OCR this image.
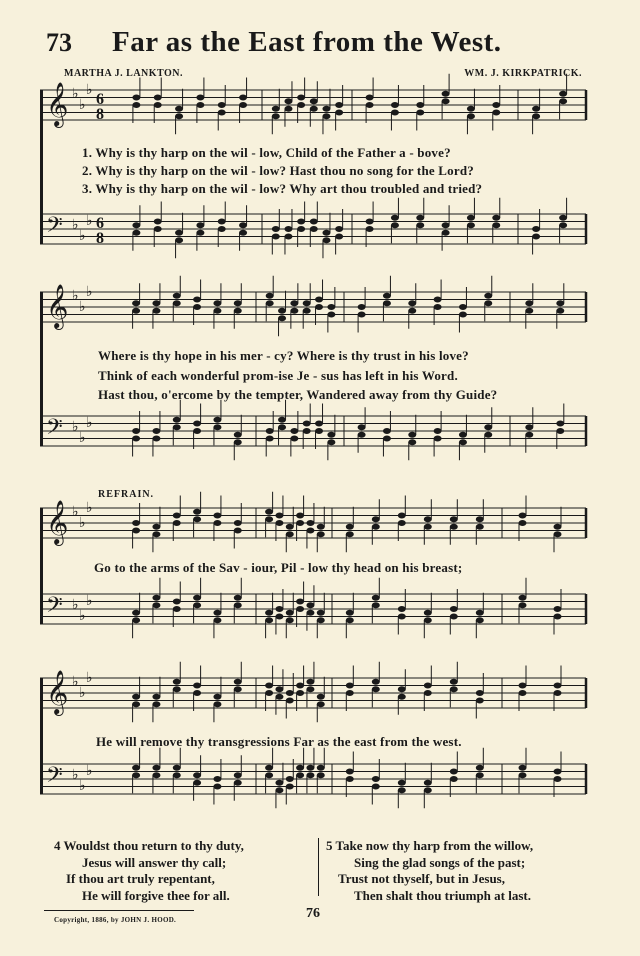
73 Far as the East from the West.
MARTHA J. LANKTON.	WM. J. KIRKPATRICK.
𝄞 ♭
♭
♭
6
8
𝄢 ♭
♭
♭ 6
8
1. Why is thy harp on the wil - low, Child of the Father a - bove?
2. Why is thy harp on the wil - low? Hast thou no song for the Lord?
3. Why is thy harp on the wil - low? Why art thou troubled and tried?
𝄞 ♭
♭
♭
𝄢 ♭
♭
♭
Where is thy hope in his mer - cy? Where is thy trust in his love?
Think of each wonderful prom-ise Je - sus has left in his Word.
Hast thou, o'ercome by the tempter, Wandered away from thy Guide?
REFRAIN.
𝄞 ♭
♭
♭
𝄢 ♭
♭
♭
Go to the arms of the Sav - iour, Pil - low thy head on his breast;
𝄞 ♭
♭
♭
𝄢 ♭
♭
♭
He will remove thy transgressions Far as the east from the west.
4 Wouldst thou return to thy duty,
Jesus will answer thy call;
If thou art truly repentant,
He will forgive thee for all.
5 Take now thy harp from the willow,
Sing the glad songs of the past;
Trust not thyself, but in Jesus,
Then shalt thou triumph at last.
Copyright, 1886, by JOHN J. HOOD.	76
